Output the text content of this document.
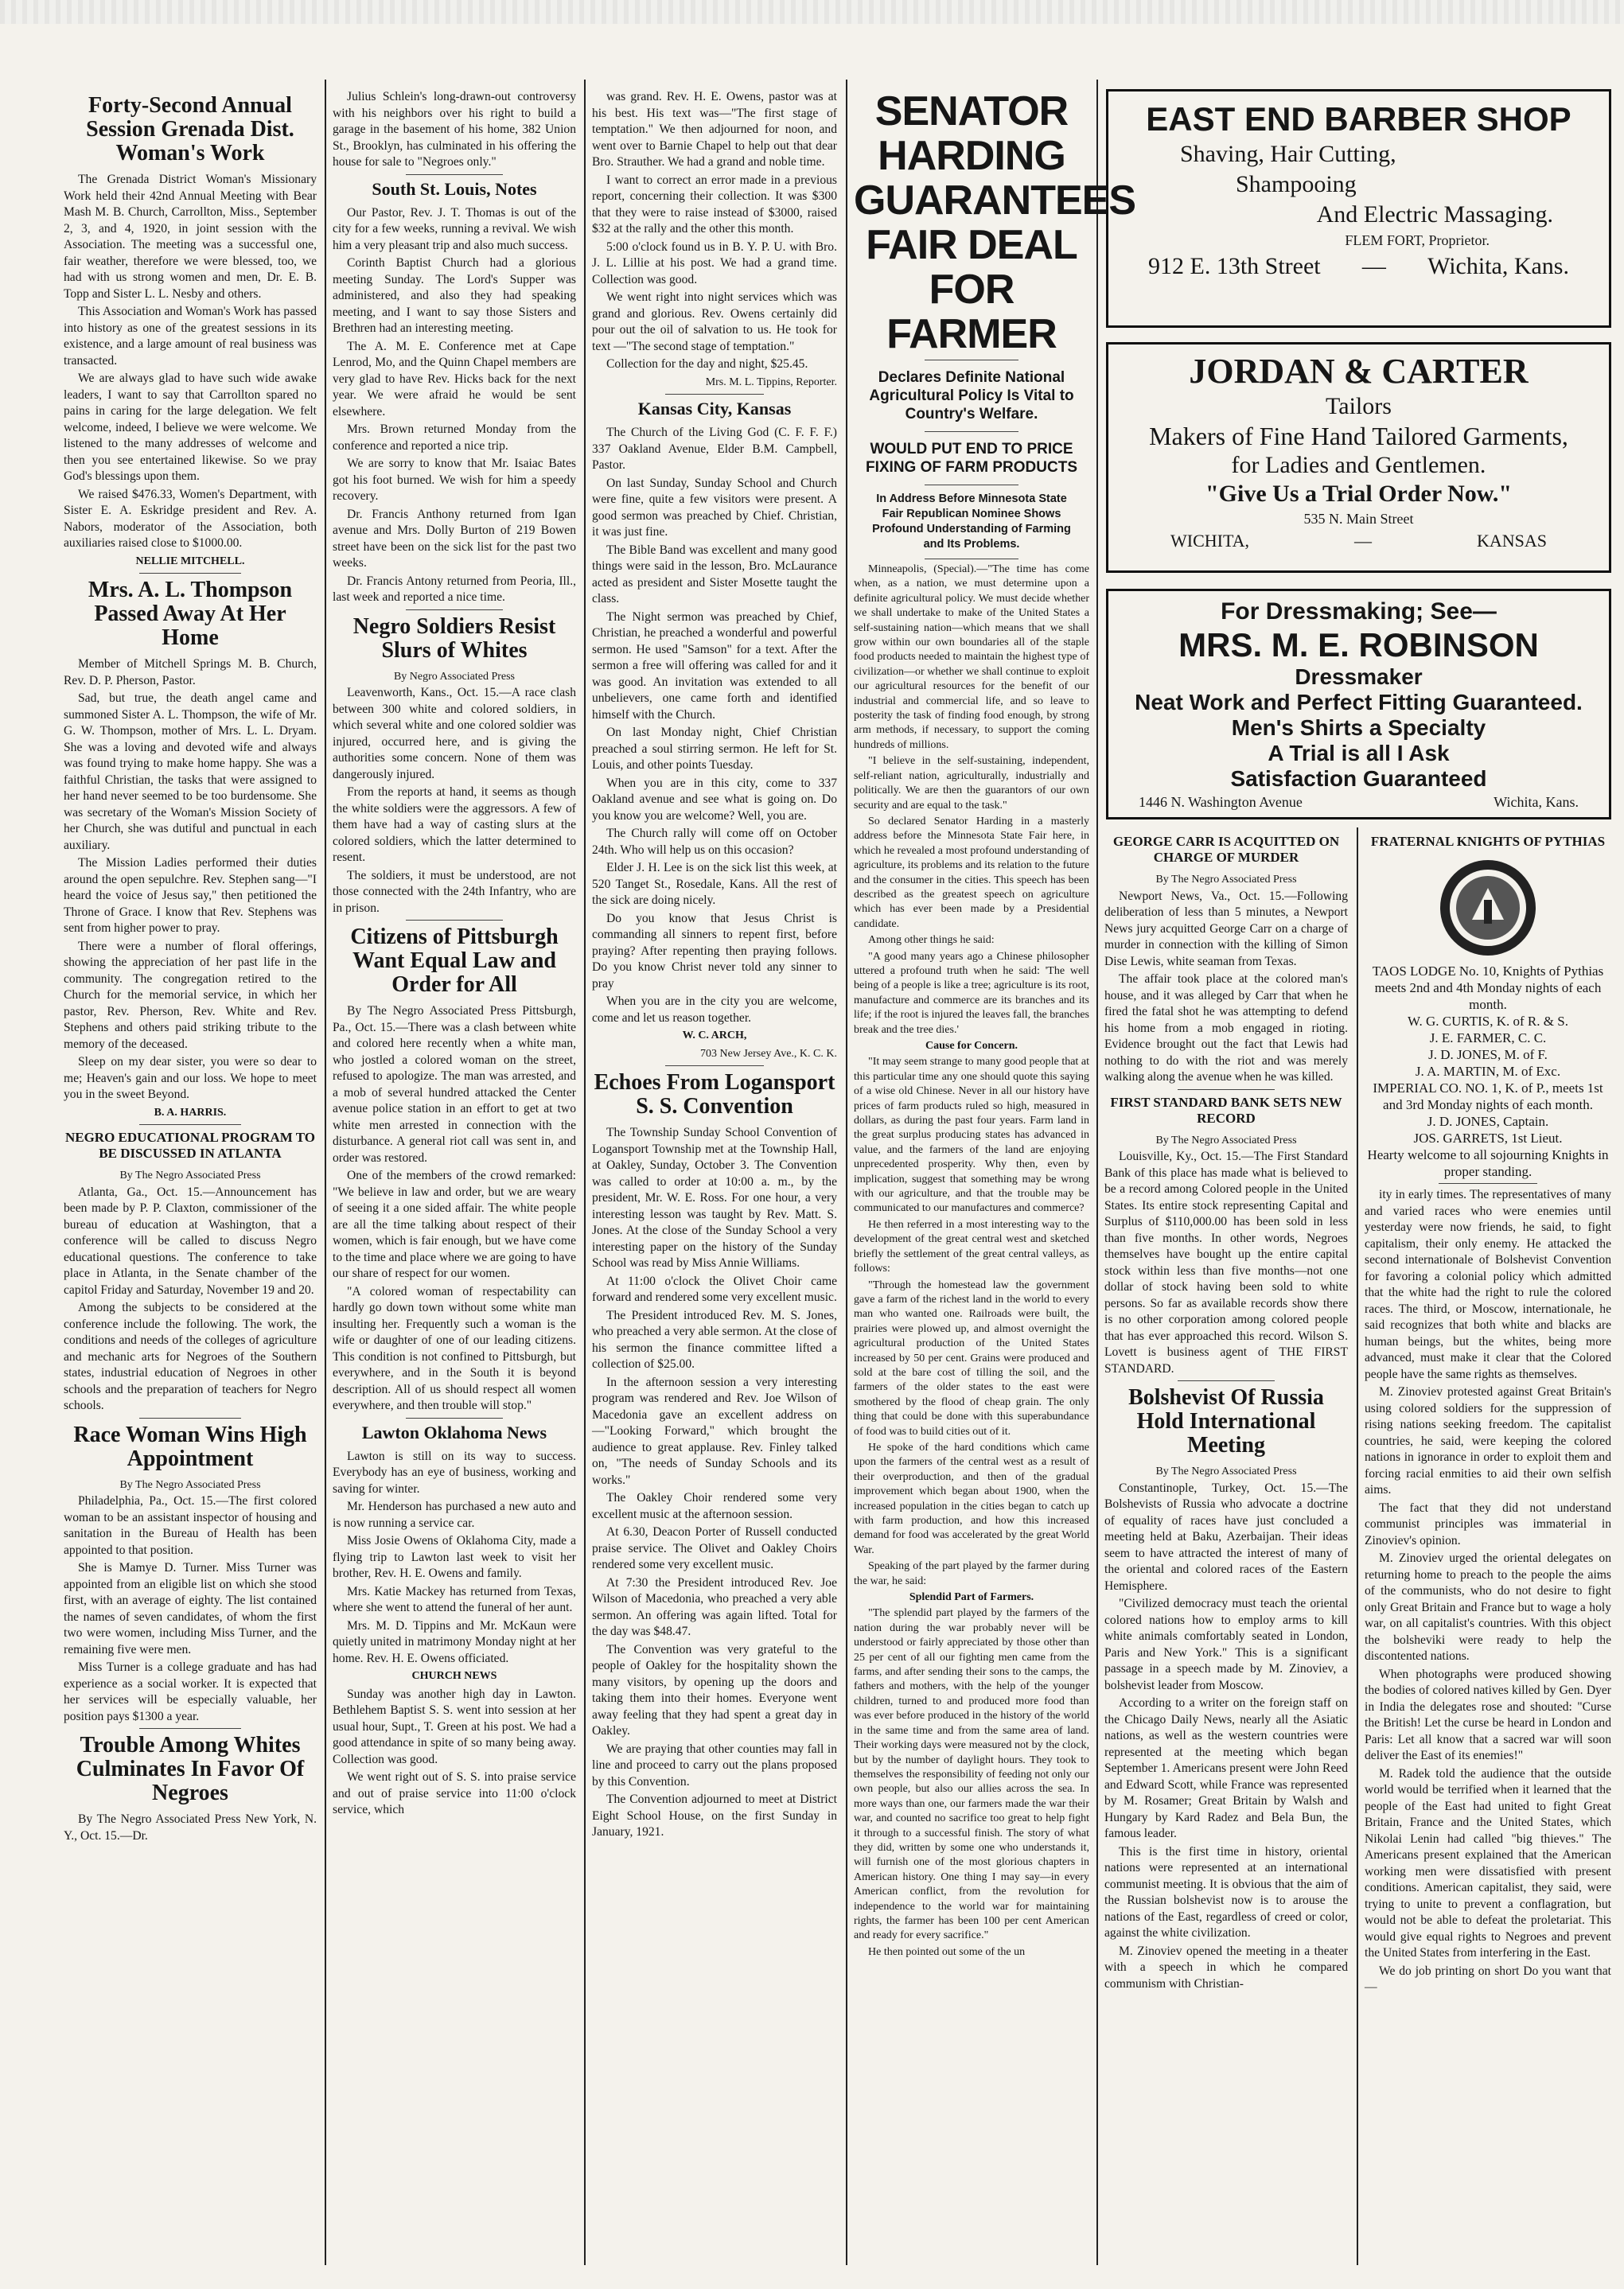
Forty-Second Annual Session Grenada Dist. Woman's Work

The Grenada District Woman's Missionary Work held their 42nd Annual Meeting with Bear Mash M. B. Church, Carrollton, Miss., September 2, 3, and 4, 1920, in joint session with the Association. The meeting was a successful one, fair weather, therefore we were blessed, too, we had with us strong women and men, Dr. E. B. Topp and Sister L. L. Nesby and others.

This Association and Woman's Work has passed into history as one of the greatest sessions in its existence, and a large amount of real business was transacted.

We are always glad to have such wide awake leaders, I want to say that Carrollton spared no pains in caring for the large delegation. We felt welcome, indeed, I believe we were welcome. We listened to the many addresses of welcome and then you see entertained likewise. So we pray God's blessings upon them.

We raised $476.33, Women's Department, with Sister E. A. Eskridge president and Rev. A. Nabors, moderator of the Association, both auxiliaries raised close to $1000.00.

NELLIE MITCHELL.
Mrs. A. L. Thompson Passed Away At Her Home

Member of Mitchell Springs M. B. Church, Rev. D. P. Pherson, Pastor.

Sad, but true, the death angel came and summoned Sister A. L. Thompson, the wife of Mr. G. W. Thompson, mother of Mrs. L. L. Dryam. She was a loving and devoted wife and always was found trying to make home happy. She was a faithful Christian, the tasks that were assigned to her hand never seemed to be too burdensome. She was secretary of the Woman's Mission Society of her Church, she was dutiful and punctual in each auxiliary.

The Mission Ladies performed their duties around the open sepulchre. Rev. Stephen sang—"I heard the voice of Jesus say," then petitioned the Throne of Grace. I know that Rev. Stephens was sent from higher power to pray.

There were a number of floral offerings, showing the appreciation of her past life in the community. The congregation retired to the Church for the memorial service, in which her pastor, Rev. Pherson, Rev. White and Rev. Stephens and others paid striking tribute to the memory of the deceased.

Sleep on my dear sister, you were so dear to me; Heaven's gain and our loss. We hope to meet you in the sweet Beyond.

B. A. HARRIS.
NEGRO EDUCATIONAL PROGRAM TO BE DISCUSSED IN ATLANTA
By The Negro Associated Press

Atlanta, Ga., Oct. 15.—Announcement has been made by P. P. Claxton, commissioner of the bureau of education at Washington, that a conference will be called to discuss Negro educational questions. The conference to take place in Atlanta, in the Senate chamber of the capitol Friday and Saturday, November 19 and 20.

Among the subjects to be considered at the conference include the following. The work, the conditions and needs of the colleges of agriculture and mechanic arts for Negroes of the Southern states, industrial education of Negroes in other schools and the preparation of teachers for Negro schools.

Race Woman Wins High Appointment
By The Negro Associated Press

Philadelphia, Pa., Oct. 15.—The first colored woman to be an assistant inspector of housing and sanitation in the Bureau of Health has been appointed to that position.

She is Mamye D. Turner. Miss Turner was appointed from an eligible list on which she stood first, with an average of eighty. The list contained the names of seven candidates, of whom the first two were women, including Miss Turner, and the remaining five were men.

Miss Turner is a college graduate and has had experience as a social worker. It is expected that her services will be especially valuable, her position pays $1300 a year.

Trouble Among Whites Culminates In Favor Of Negroes

By The Negro Associated Press New York, N. Y., Oct. 15.—Dr.

Julius Schlein's long-drawn-out controversy with his neighbors over his right to build a garage in the basement of his home, 382 Union St., Brooklyn, has culminated in his offering the house for sale to "Negroes only."

South St. Louis, Notes

Our Pastor, Rev. J. T. Thomas is out of the city for a few weeks, running a revival. We wish him a very pleasant trip and also much success.

Corinth Baptist Church had a glorious meeting Sunday. The Lord's Supper was administered, and also they had speaking meeting, and I want to say those Sisters and Brethren had an interesting meeting.

The A. M. E. Conference met at Cape Lenrod, Mo, and the Quinn Chapel members are very glad to have Rev. Hicks back for the next year. We were afraid he would be sent elsewhere.

Mrs. Brown returned Monday from the conference and reported a nice trip.

We are sorry to know that Mr. Isaiac Bates got his foot burned. We wish for him a speedy recovery.

Dr. Francis Anthony returned from Igan avenue and Mrs. Dolly Burton of 219 Bowen street have been on the sick list for the past two weeks.

Dr. Francis Antony returned from Peoria, Ill., last week and reported a nice time.

Negro Soldiers Resist Slurs of Whites
By Negro Associated Press

Leavenworth, Kans., Oct. 15.—A race clash between 300 white and colored soldiers, in which several white and one colored soldier was injured, occurred here, and is giving the authorities some concern. None of them was dangerously injured.

From the reports at hand, it seems as though the white soldiers were the aggressors. A few of them have had a way of casting slurs at the colored soldiers, which the latter determined to resent.

The soldiers, it must be understood, are not those connected with the 24th Infantry, who are in prison.

Citizens of Pittsburgh Want Equal Law and Order for All

By The Negro Associated Press Pittsburgh, Pa., Oct. 15.—There was a clash between white and colored here recently when a white man, who jostled a colored woman on the street, refused to apologize. The man was arrested, and a mob of several hundred attacked the Center avenue police station in an effort to get at two white men arrested in connection with the disturbance. A general riot call was sent in, and order was restored.

One of the members of the crowd remarked: "We believe in law and order, but we are weary of seeing it a one sided affair. The white people are all the time talking about respect of their women, which is fair enough, but we have come to the time and place where we are going to have our share of respect for our women.

"A colored woman of respectability can hardly go down town without some white man insulting her. Frequently such a woman is the wife or daughter of one of our leading citizens. This condition is not confined to Pittsburgh, but everywhere, and in the South it is beyond description. All of us should respect all women everywhere, and then trouble will stop."

Lawton Oklahoma News

Lawton is still on its way to success. Everybody has an eye of business, working and saving for winter.

Mr. Henderson has purchased a new auto and is now running a service car.

Miss Josie Owens of Oklahoma City, made a flying trip to Lawton last week to visit her brother, Rev. H. E. Owens and family.

Mrs. Katie Mackey has returned from Texas, where she went to attend the funeral of her aunt.

Mrs. M. D. Tippins and Mr. McKaun were quietly united in matrimony Monday night at her home. Rev. H. E. Owens officiated.

CHURCH NEWS

Sunday was another high day in Lawton. Bethlehem Baptist S. S. went into session at her usual hour, Supt., T. Green at his post. We had a good attendance in spite of so many being away. Collection was good.

We went right out of S. S. into praise service and out of praise service into 11:00 o'clock service, which

was grand. Rev. H. E. Owens, pastor was at his best. His text was—"The first stage of temptation." We then adjourned for noon, and went over to Barnie Chapel to help out that dear Bro. Strauther. We had a grand and noble time.

I want to correct an error made in a previous report, concerning their collection. It was $300 that they were to raise instead of $3000, raised $32 at the rally and the other this month.

5:00 o'clock found us in B. Y. P. U. with Bro. J. L. Lillie at his post. We had a grand time. Collection was good.

We went right into night services which was grand and glorious. Rev. Owens certainly did pour out the oil of salvation to us. He took for text —"The second stage of temptation."

Collection for the day and night, $25.45.

Mrs. M. L. Tippins, Reporter.
Kansas City, Kansas

The Church of the Living God (C. F. F. F.) 337 Oakland Avenue, Elder B.M. Campbell, Pastor.

On last Sunday, Sunday School and Church were fine, quite a few visitors were present. A good sermon was preached by Chief. Christian, it was just fine.

The Bible Band was excellent and many good things were said in the lesson, Bro. McLaurance acted as president and Sister Mosette taught the class.

The Night sermon was preached by Chief, Christian, he preached a wonderful and powerful sermon. He used "Samson" for a text. After the sermon a free will offering was called for and it was good. An invitation was extended to all unbelievers, one came forth and identified himself with the Church.

On last Monday night, Chief Christian preached a soul stirring sermon. He left for St. Louis, and other points Tuesday.

When you are in this city, come to 337 Oakland avenue and see what is going on. Do you know you are welcome? Well, you are.

The Church rally will come off on October 24th. Who will help us on this occasion?

Elder J. H. Lee is on the sick list this week, at 520 Tanget St., Rosedale, Kans. All the rest of the sick are doing nicely.

Do you know that Jesus Christ is commanding all sinners to repent first, before praying? After repenting then praying follows. Do you know Christ never told any sinner to pray

When you are in the city you are welcome, come and let us reason together.

W. C. ARCH,
703 New Jersey Ave., K. C. K.
Echoes From Logansport S. S. Convention

The Township Sunday School Convention of Logansport Township met at the Township Hall, at Oakley, Sunday, October 3. The Convention was called to order at 10:00 a. m., by the president, Mr. W. E. Ross. For one hour, a very interesting lesson was taught by Rev. Matt. S. Jones. At the close of the Sunday School a very interesting paper on the history of the Sunday School was read by Miss Annie Williams.

At 11:00 o'clock the Olivet Choir came forward and rendered some very excellent music.

The President introduced Rev. M. S. Jones, who preached a very able sermon. At the close of his sermon the finance committee lifted a collection of $25.00.

In the afternoon session a very interesting program was rendered and Rev. Joe Wilson of Macedonia gave an excellent address on—"Looking Forward," which brought the audience to great applause. Rev. Finley talked on, "The needs of Sunday Schools and its works."

The Oakley Choir rendered some very excellent music at the afternoon session.

At 6.30, Deacon Porter of Russell conducted praise service. The Olivet and Oakley Choirs rendered some very excellent music.

At 7:30 the President introduced Rev. Joe Wilson of Macedonia, who preached a very able sermon. An offering was again lifted. Total for the day was $48.47.

The Convention was very grateful to the people of Oakley for the hospitality shown the many visitors, by opening up the doors and taking them into their homes. Everyone went away feeling that they had spent a great day in Oakley.

We are praying that other counties may fall in line and proceed to carry out the plans proposed by this Convention.

The Convention adjourned to meet at District Eight School House, on the first Sunday in January, 1921.

SENATOR HARDING GUARANTEES FAIR DEAL FOR FARMER
Declares Definite National Agricultural Policy Is Vital to Country's Welfare.
WOULD PUT END TO PRICE FIXING OF FARM PRODUCTS
In Address Before Minnesota State Fair Republican Nominee Shows Profound Understanding of Farming and Its Problems.

Minneapolis, (Special).—"The time has come when, as a nation, we must determine upon a definite agricultural policy. We must decide whether we shall undertake to make of the United States a self-sustaining nation—which means that we shall grow within our own boundaries all of the staple food products needed to maintain the highest type of civilization—or whether we shall continue to exploit our agricultural resources for the benefit of our industrial and commercial life, and so leave to posterity the task of finding food enough, by strong arm methods, if necessary, to support the coming hundreds of millions.

"I believe in the self-sustaining, independent, self-reliant nation, agriculturally, industrially and politically. We are then the guarantors of our own security and are equal to the task."

So declared Senator Harding in a masterly address before the Minnesota State Fair here, in which he revealed a most profound understanding of agriculture, its problems and its relation to the future and the consumer in the cities. This speech has been described as the greatest speech on agriculture which has ever been made by a Presidential candidate.

Among other things he said:

"A good many years ago a Chinese philosopher uttered a profound truth when he said: 'The well being of a people is like a tree; agriculture is its root, manufacture and commerce are its branches and its life; if the root is injured the leaves fall, the branches break and the tree dies.'

Cause for Concern.

"It may seem strange to many good people that at this particular time any one should quote this saying of a wise old Chinese. Never in all our history have prices of farm products ruled so high, measured in dollars, as during the past four years. Farm land in the great surplus producing states has advanced in value, and the farmers of the land are enjoying unprecedented prosperity. Why then, even by implication, suggest that something may be wrong with our agriculture, and that the trouble may be communicated to our manufactures and commerce?

He then referred in a most interesting way to the development of the great central west and sketched briefly the settlement of the great central valleys, as follows:

"Through the homestead law the government gave a farm of the richest land in the world to every man who wanted one. Railroads were built, the prairies were plowed up, and almost overnight the agricultural production of the United States increased by 50 per cent. Grains were produced and sold at the bare cost of tilling the soil, and the farmers of the older states to the east were smothered by the flood of cheap grain. The only thing that could be done with this superabundance of food was to build cities out of it.

He spoke of the hard conditions which came upon the farmers of the central west as a result of their overproduction, and then of the gradual improvement which began about 1900, when the increased population in the cities began to catch up with farm production, and how this increased demand for food was accelerated by the great World War.

Speaking of the part played by the farmer during the war, he said:

Splendid Part of Farmers.

"The splendid part played by the farmers of the nation during the war probably never will be understood or fairly appreciated by those other than 25 per cent of all our fighting men came from the farms, and after sending their sons to the camps, the fathers and mothers, with the help of the younger children, turned to and produced more food than was ever before produced in the history of the world in the same time and from the same area of land. Their working days were measured not by the clock, but by the number of daylight hours. They took to themselves the responsibility of feeding not only our own people, but also our allies across the sea. In more ways than one, our farmers made the war their war, and counted no sacrifice too great to help fight it through to a successful finish. The story of what they did, written by some one who understands it, will furnish one of the most glorious chapters in American history. One thing I may say—in every American conflict, from the revolution for independence to the world war for maintaining rights, the farmer has been 100 per cent American and ready for every sacrifice."

He then pointed out some of the un

EAST END BARBER SHOP
Shaving, Hair Cutting,
Shampooing
And Electric Massaging.
FLEM FORT, Proprietor.
912 E. 13th Street — Wichita, Kans.
JORDAN & CARTER
Tailors
Makers of Fine Hand Tailored Garments,
for Ladies and Gentlemen.
"Give Us a Trial Order Now."
535 N. Main Street
WICHITA,	—	KANSAS
For Dressmaking; See—
MRS. M. E. ROBINSON
Dressmaker
Neat Work and Perfect Fitting Guaranteed.
Men's Shirts a Specialty
A Trial is all I Ask
Satisfaction Guaranteed
1446 N. Washington Avenue	Wichita, Kans.
GEORGE CARR IS ACQUITTED ON CHARGE OF MURDER
By The Negro Associated Press

Newport News, Va., Oct. 15.—Following deliberation of less than 5 minutes, a Newport News jury acquitted George Carr on a charge of murder in connection with the killing of Simon Dise Lewis, white seaman from Texas.

The affair took place at the colored man's house, and it was alleged by Carr that when he fired the fatal shot he was attempting to defend his home from a mob engaged in rioting. Evidence brought out the fact that Lewis had nothing to do with the riot and was merely walking along the avenue when he was killed.

FIRST STANDARD BANK SETS NEW RECORD
By The Negro Associated Press

Louisville, Ky., Oct. 15.—The First Standard Bank of this place has made what is believed to be a record among Colored people in the United States. Its entire stock representing Capital and Surplus of $110,000.00 has been sold in less than five months. In other words, Negroes themselves have bought up the entire capital stock within less than five months—not one dollar of stock having been sold to white persons. So far as available records show there is no other corporation among colored people that has ever approached this record. Wilson S. Lovett is business agent of THE FIRST STANDARD.

Bolshevist Of Russia Hold International Meeting
By The Negro Associated Press

Constantinople, Turkey, Oct. 15.—The Bolshevists of Russia who advocate a doctrine of equality of races have just concluded a meeting held at Baku, Azerbaijan. Their ideas seem to have attracted the interest of many of the oriental and colored races of the Eastern Hemisphere.

"Civilized democracy must teach the oriental colored nations how to employ arms to kill white animals comfortably seated in London, Paris and New York." This is a significant passage in a speech made by M. Zinoviev, a bolshevist leader from Moscow.

According to a writer on the foreign staff on the Chicago Daily News, nearly all the Asiatic nations, as well as the western countries were represented at the meeting which began September 1. Americans present were John Reed and Edward Scott, while France was represented by M. Rosamer; Great Britain by Walsh and Hungary by Kard Radez and Bela Bun, the famous leader.

This is the first time in history, oriental nations were represented at an international communist meeting. It is obvious that the aim of the Russian bolshevist now is to arouse the nations of the East, regardless of creed or color, against the white civilization.

M. Zinoviev opened the meeting in a theater with a speech in which he compared communism with Christian-

FRATERNAL KNIGHTS OF PYTHIAS
TAOS LODGE No. 10, Knights of Pythias meets 2nd and 4th Monday nights of each month.
W. G. CURTIS, K. of R. & S.
J. E. FARMER, C. C.
J. D. JONES, M. of F.
J. A. MARTIN, M. of Exc.
IMPERIAL CO. NO. 1, K. of P., meets 1st and 3rd Monday nights of each month.
J. D. JONES, Captain.
JOS. GARRETS, 1st Lieut.
Hearty welcome to all sojourning Knights in proper standing.

ity in early times. The representatives of many and varied races who were enemies until yesterday were now friends, he said, to fight capitalism, their only enemy. He attacked the second internationale of Bolshevist Convention for favoring a colonial policy which admitted that the white had the right to rule the colored races. The third, or Moscow, internationale, he said recognizes that both white and blacks are human beings, but the whites, being more advanced, must make it clear that the Colored people have the same rights as themselves.

M. Zinoviev protested against Great Britain's using colored soldiers for the suppression of rising nations seeking freedom. The capitalist countries, he said, were keeping the colored nations in ignorance in order to exploit them and forcing racial enmities to aid their own selfish aims.

The fact that they did not understand communist principles was immaterial in Zinoviev's opinion.

M. Zinoviev urged the oriental delegates on returning home to preach to the people the aims of the communists, who do not desire to fight only Great Britain and France but to wage a holy war, on all capitalist's countries. With this object the bolsheviki were ready to help the discontented nations.

When photographs were produced showing the bodies of colored natives killed by Gen. Dyer in India the delegates rose and shouted: "Curse the British! Let the curse be heard in London and Paris: Let all know that a sacred war will soon deliver the East of its enemies!"

M. Radek told the audience that the outside world would be terrified when it learned that the people of the East had united to fight Great Britain, France and the United States, which Nikolai Lenin had called "big thieves." The Americans present explained that the American working men were dissatisfied with present conditions. American capitalist, they said, were trying to unite to prevent a conflagration, but would not be able to defeat the proletariat. This would give equal rights to Negroes and prevent the United States from interfering in the East.

We do job printing on short Do you want that—
